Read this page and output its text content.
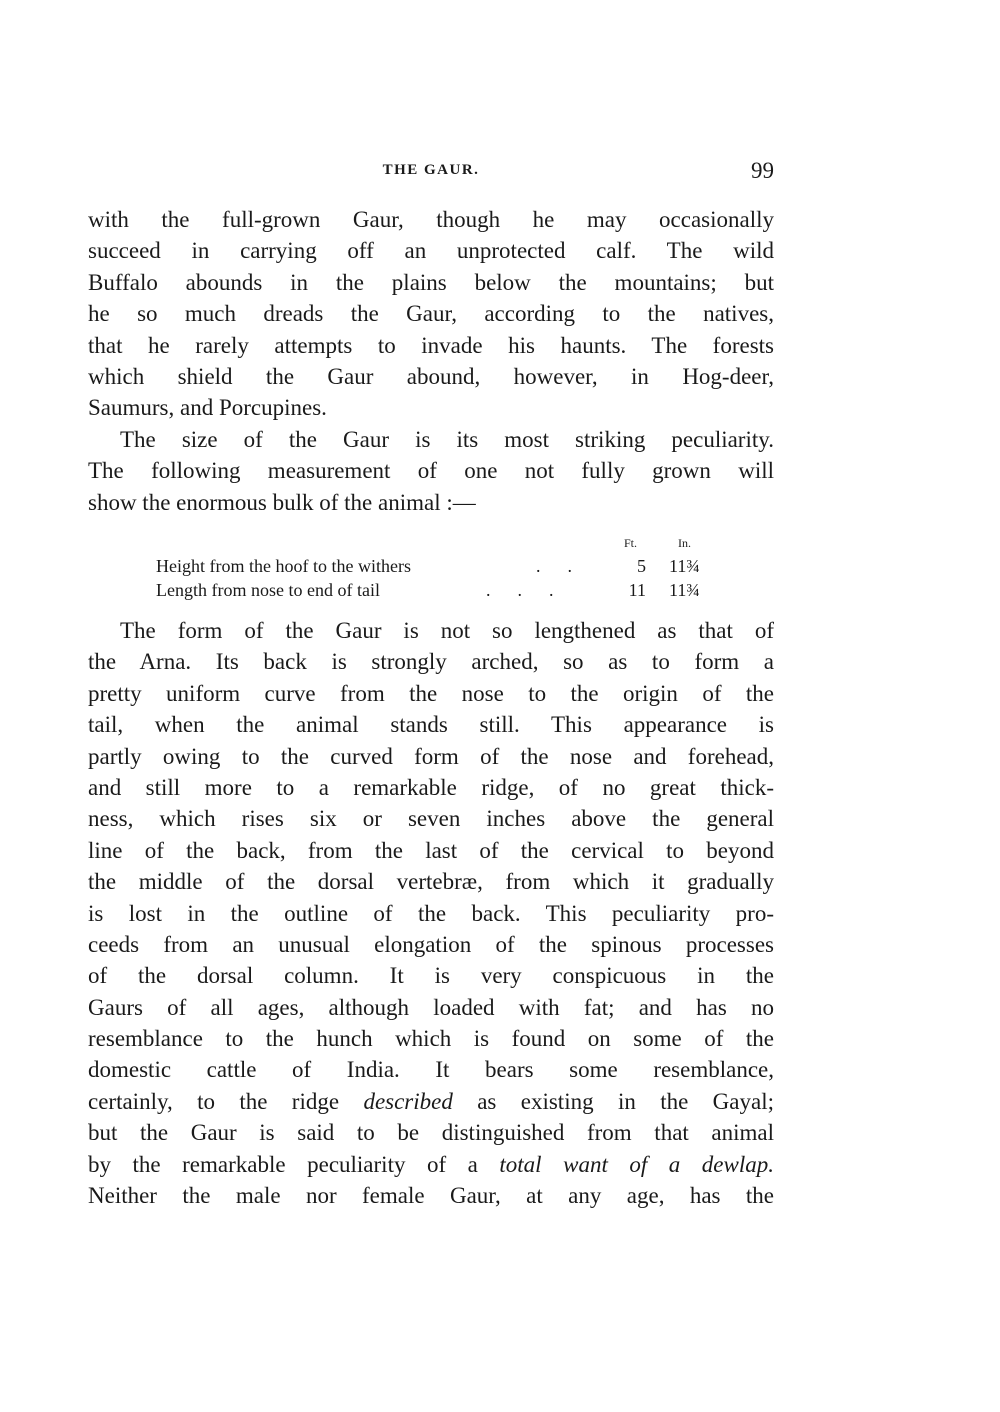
THE GAUR.	99
with the full-grown Gaur, though he may occasionally
succeed in carrying off an unprotected calf. The wild
Buffalo abounds in the plains below the mountains; but
he so much dreads the Gaur, according to the natives,
that he rarely attempts to invade his haunts. The forests
which shield the Gaur abound, however, in Hog-deer,
Saumurs, and Porcupines.
The size of the Gaur is its most striking peculiarity.
The following measurement of one not fully grown will
show the enormous bulk of the animal :—
Ft.	In.
Height from the hoof to the withers	.      .	5 11¾
Length from nose to end of tail	.      .      .	11 11¾
The form of the Gaur is not so lengthened as that of
the Arna. Its back is strongly arched, so as to form a
pretty uniform curve from the nose to the origin of the
tail, when the animal stands still. This appearance is
partly owing to the curved form of the nose and forehead,
and still more to a remarkable ridge, of no great thick-
ness, which rises six or seven inches above the general
line of the back, from the last of the cervical to beyond
the middle of the dorsal vertebræ, from which it gradually
is lost in the outline of the back. This peculiarity pro-
ceeds from an unusual elongation of the spinous processes
of the dorsal column. It is very conspicuous in the
Gaurs of all ages, although loaded with fat; and has no
resemblance to the hunch which is found on some of the
domestic cattle of India. It bears some resemblance,
certainly, to the ridge described as existing in the Gayal;
but the Gaur is said to be distinguished from that animal
by the remarkable peculiarity of a total want of a dewlap.
Neither the male nor female Gaur, at any age, has the
